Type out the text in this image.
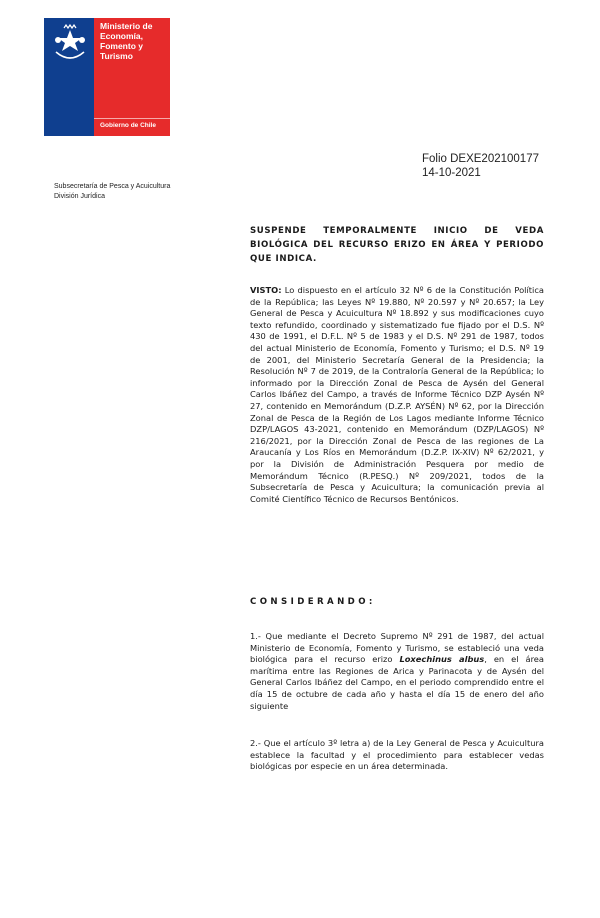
Ministerio de
Economía,
Fomento y
Turismo
Gobierno de Chile
Folio DEXE202100177
14-10-2021
Subsecretaría de Pesca y Acuicultura
División Jurídica
SUSPENDE TEMPORALMENTE INICIO DE VEDA BIOLÓGICA DEL RECURSO ERIZO EN ÁREA Y PERIODO QUE INDICA.
VISTO: Lo dispuesto en el artículo 32 Nº 6 de la Constitución Política de la República; las Leyes Nº 19.880, Nº 20.597 y Nº 20.657; la Ley General de Pesca y Acuicultura Nº 18.892 y sus modificaciones cuyo texto refundido, coordinado y sistematizado fue fijado por el D.S. Nº 430 de 1991, el D.F.L. Nº 5 de 1983 y el D.S. Nº 291 de 1987, todos del actual Ministerio de Economía, Fomento y Turismo; el D.S. Nº 19 de 2001, del Ministerio Secretaría General de la Presidencia; la Resolución Nº 7 de 2019, de la Contraloría General de la República; lo informado por la Dirección Zonal de Pesca de Aysén del General Carlos Ibáñez del Campo, a través de Informe Técnico DZP Aysén Nº 27, contenido en Memorándum (D.Z.P. AYSÉN) Nº 62, por la Dirección Zonal de Pesca de la Región de Los Lagos mediante Informe Técnico DZP/LAGOS 43-2021, contenido en Memorándum (DZP/LAGOS) Nº 216/2021, por la Dirección Zonal de Pesca de las regiones de La Araucanía y Los Ríos en Memorándum (D.Z.P. IX-XIV) Nº 62/2021, y por la División de Administración Pesquera por medio de Memorándum Técnico (R.PESQ.) Nº 209/2021, todos de la Subsecretaría de Pesca y Acuicultura; la comunicación previa al Comité Científico Técnico de Recursos Bentónicos.
CONSIDERANDO:
1.- Que mediante el Decreto Supremo Nº 291 de 1987, del actual Ministerio de Economía, Fomento y Turismo, se estableció una veda biológica para el recurso erizo Loxechinus albus, en el área marítima entre las Regiones de Arica y Parinacota y de Aysén del General Carlos Ibáñez del Campo, en el periodo comprendido entre el día 15 de octubre de cada año y hasta el día 15 de enero del año siguiente
2.- Que el artículo 3º letra a) de la Ley General de Pesca y Acuicultura establece la facultad y el procedimiento para establecer vedas biológicas por especie en un área determinada.
